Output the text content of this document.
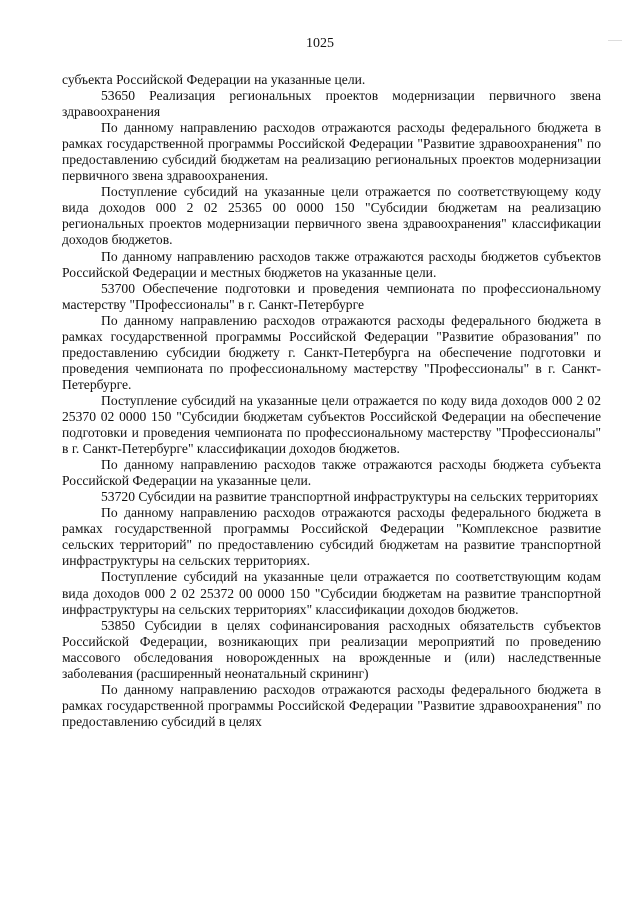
1025

субъекта Российской Федерации на указанные цели.

53650 Реализация региональных проектов модернизации первичного звена здравоохранения

По данному направлению расходов отражаются расходы федерального бюджета в рамках государственной программы Российской Федерации "Развитие здравоохранения" по предоставлению субсидий бюджетам на реализацию региональных проектов модернизации первичного звена здравоохранения.

Поступление субсидий на указанные цели отражается по соответствующему коду вида доходов 000 2 02 25365 00 0000 150 "Субсидии бюджетам на реализацию региональных проектов модернизации первичного звена здравоохранения" классификации доходов бюджетов.

По данному направлению расходов также отражаются расходы бюджетов субъектов Российской Федерации и местных бюджетов на указанные цели.

53700 Обеспечение подготовки и проведения чемпионата по профессиональному мастерству "Профессионалы" в г. Санкт-Петербурге

По данному направлению расходов отражаются расходы федерального бюджета в рамках государственной программы Российской Федерации "Развитие образования" по предоставлению субсидии бюджету г. Санкт-Петербурга на обеспечение подготовки и проведения чемпионата по профессиональному мастерству "Профессионалы" в г. Санкт-Петербурге.

Поступление субсидий на указанные цели отражается по коду вида доходов 000 2 02 25370 02 0000 150 "Субсидии бюджетам субъектов Российской Федерации на обеспечение подготовки и проведения чемпионата по профессиональному мастерству "Профессионалы" в г. Санкт-Петербурге" классификации доходов бюджетов.

По данному направлению расходов также отражаются расходы бюджета субъекта Российской Федерации на указанные цели.

53720 Субсидии на развитие транспортной инфраструктуры на сельских территориях

По данному направлению расходов отражаются расходы федерального бюджета в рамках государственной программы Российской Федерации "Комплексное развитие сельских территорий" по предоставлению субсидий бюджетам на развитие транспортной инфраструктуры на сельских территориях.

Поступление субсидий на указанные цели отражается по соответствующим кодам вида доходов 000 2 02 25372 00 0000 150 "Субсидии бюджетам на развитие транспортной инфраструктуры на сельских территориях" классификации доходов бюджетов.

53850 Субсидии в целях софинансирования расходных обязательств субъектов Российской Федерации, возникающих при реализации мероприятий по проведению массового обследования новорожденных на врожденные и (или) наследственные заболевания (расширенный неонатальный скрининг)

По данному направлению расходов отражаются расходы федерального бюджета в рамках государственной программы Российской Федерации "Развитие здравоохранения" по предоставлению субсидий в целях
